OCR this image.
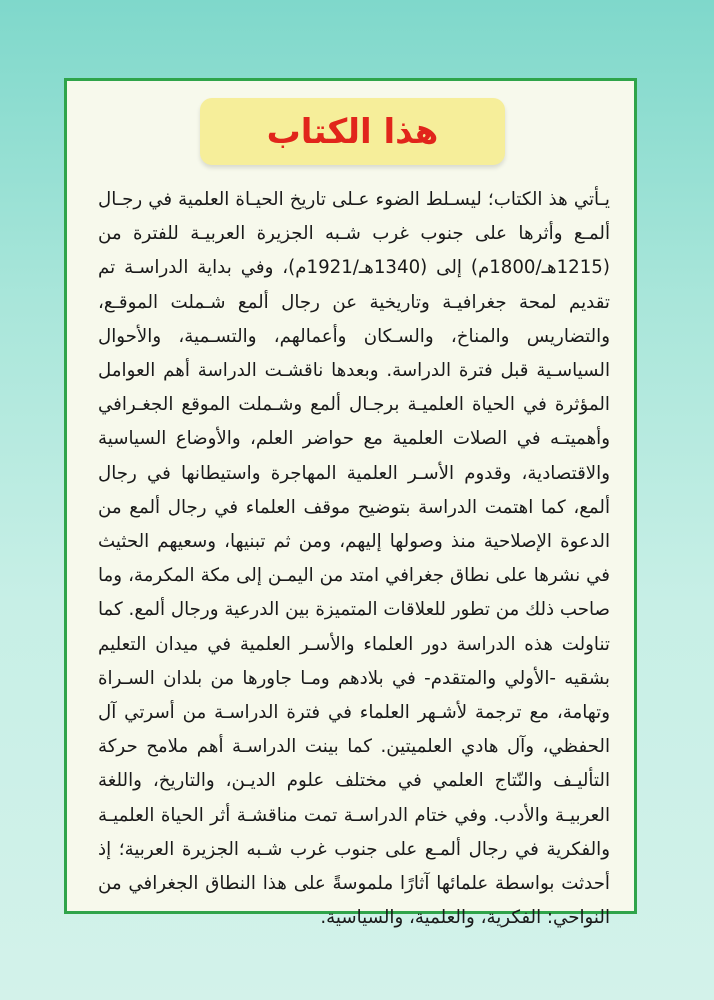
هذا الكتاب

يـأتي هذ الكتاب؛ ليسـلط الضوء عـلى تاريخ الحيـاة العلمية في رجـال ألمـع وأثرها على جنوب غرب شـبه الجزيرة العربيـة للفترة من (1215هـ/1800م) إلى (1340هـ/1921م)، وفي بداية الدراسـة تم تقديم لمحة جغرافيـة وتاريخية عن رجال ألمع شـملت الموقـع، والتضاريس والمناخ، والسـكان وأعمالهم، والتسـمية، والأحوال السياسـية قبل فترة الدراسة. وبعدها ناقشـت الدراسة أهم العوامل المؤثرة في الحياة العلميـة برجـال ألمع وشـملت الموقع الجغـرافي وأهميتـه في الصلات العلمية مع حواضر العلم، والأوضاع السياسية والاقتصادية، وقدوم الأسـر العلمية المهاجرة واستيطانها في رجال ألمع، كما اهتمت الدراسة بتوضيح موقف العلماء في رجال ألمع من الدعوة الإصلاحية منذ وصولها إليهم، ومن ثم تبنيها، وسعيهم الحثيث في نشرها على نطاق جغرافي امتد من اليمـن إلى مكة المكرمة، وما صاحب ذلك من تطور للعلاقات المتميزة بين الدرعية ورجال ألمع. كما تناولت هذه الدراسة دور العلماء والأسـر العلمية في ميدان التعليم بشقيه -الأولي والمتقدم- في بلادهم ومـا جاورها من بلدان السـراة وتهامة، مع ترجمة لأشـهر العلماء في فترة الدراسـة من أسرتي آل الحفظي، وآل هادي العلميتين. كما بينت الدراسـة أهم ملامح حركة التأليـف والنّتاج العلمي في مختلف علوم الديـن، والتاريخ، واللغة العربيـة والأدب. وفي ختام الدراسـة تمت مناقشـة أثر الحياة العلميـة والفكرية في رجال ألمـع على جنوب غرب شـبه الجزيرة العربية؛ إذ أحدثت بواسطة علمائها آثارًا ملموسةً على هذا النطاق الجغرافي من النواحي: الفكرية، والعلمية، والسياسية.
